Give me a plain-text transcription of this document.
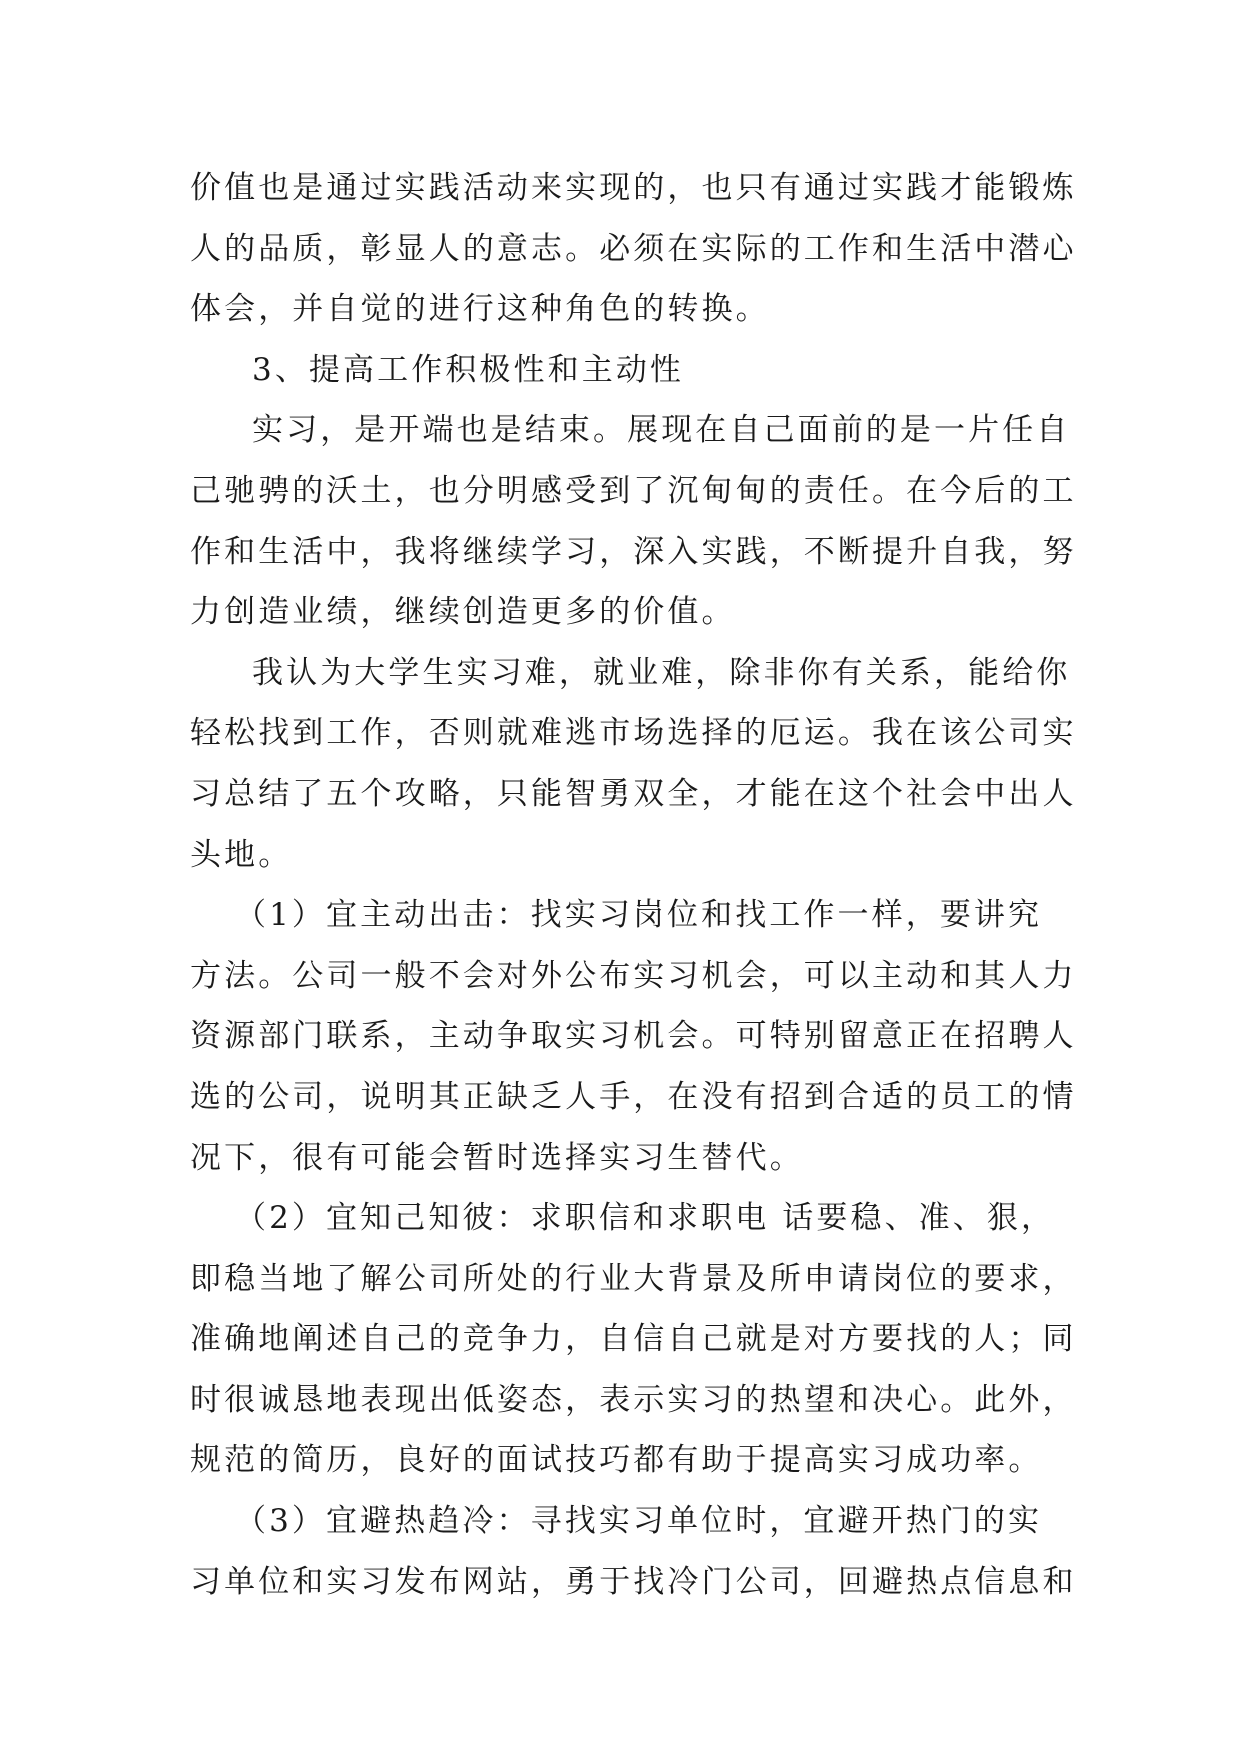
价值也是通过实践活动来实现的，也只有通过实践才能锻炼
人的品质，彰显人的意志。必须在实际的工作和生活中潜心
体会，并自觉的进行这种角色的转换。
3、提高工作积极性和主动性
实习，是开端也是结束。展现在自己面前的是一片任自
己驰骋的沃土，也分明感受到了沉甸甸的责任。在今后的工
作和生活中，我将继续学习，深入实践，不断提升自我，努
力创造业绩，继续创造更多的价值。
我认为大学生实习难，就业难，除非你有关系，能给你
轻松找到工作，否则就难逃市场选择的厄运。我在该公司实
习总结了五个攻略，只能智勇双全，才能在这个社会中出人
头地。
（1）宜主动出击：找实习岗位和找工作一样，要讲究
方法。公司一般不会对外公布实习机会，可以主动和其人力
资源部门联系，主动争取实习机会。可特别留意正在招聘人
选的公司，说明其正缺乏人手，在没有招到合适的员工的情
况下，很有可能会暂时选择实习生替代。
（2）宜知己知彼：求职信和求职电 话要稳、准、狠，
即稳当地了解公司所处的行业大背景及所申请岗位的要求，
准确地阐述自己的竞争力，自信自己就是对方要找的人；同
时很诚恳地表现出低姿态，表示实习的热望和决心。此外，
规范的简历，良好的面试技巧都有助于提高实习成功率。
（3）宜避热趋冷：寻找实习单位时，宜避开热门的实
习单位和实习发布网站，勇于找冷门公司，回避热点信息和
